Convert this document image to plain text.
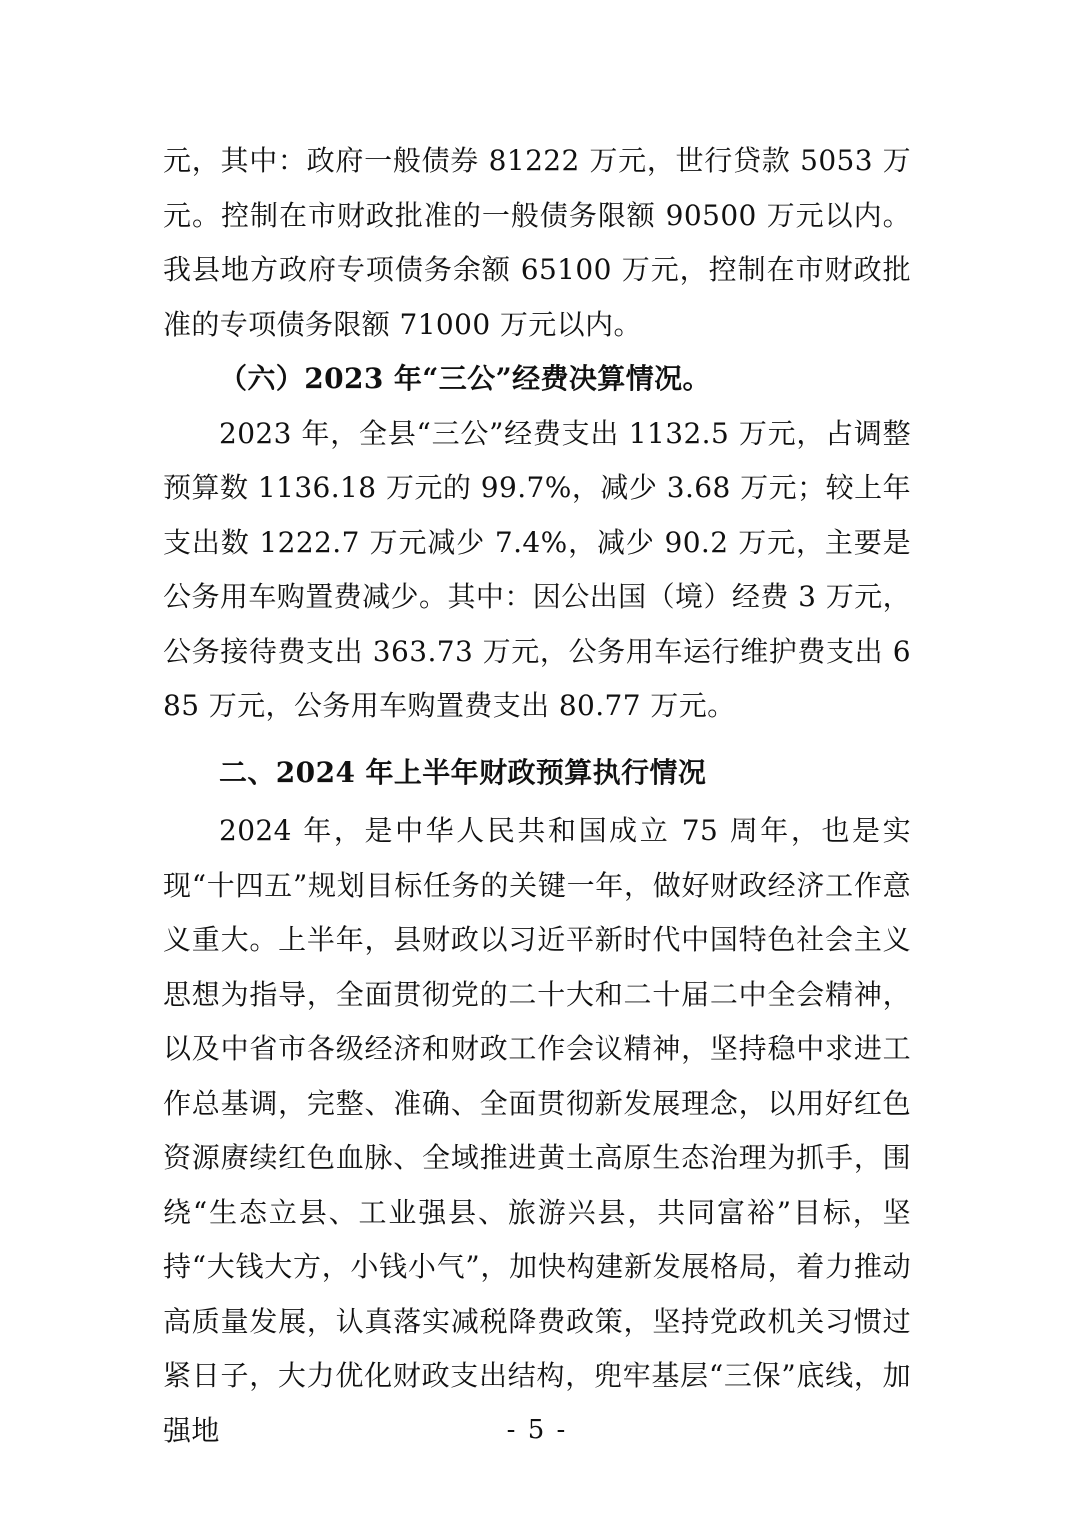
元，其中：政府一般债券 81222 万元，世行贷款 5053 万元。控制在市财政批准的一般债务限额 90500 万元以内。我县地方政府专项债务余额 65100 万元，控制在市财政批准的专项债务限额 71000 万元以内。

（六）2023 年“三公”经费决算情况。

2023 年，全县“三公”经费支出 1132.5 万元，占调整预算数 1136.18 万元的 99.7%，减少 3.68 万元；较上年支出数 1222.7 万元减少 7.4%，减少 90.2 万元，主要是公务用车购置费减少。其中：因公出国（境）经费 3 万元，公务接待费支出 363.73 万元，公务用车运行维护费支出 685 万元，公务用车购置费支出 80.77 万元。

二、2024 年上半年财政预算执行情况

2024 年，是中华人民共和国成立 75 周年，也是实现“十四五”规划目标任务的关键一年，做好财政经济工作意义重大。上半年，县财政以习近平新时代中国特色社会主义思想为指导，全面贯彻党的二十大和二十届二中全会精神，以及中省市各级经济和财政工作会议精神，坚持稳中求进工作总基调，完整、准确、全面贯彻新发展理念，以用好红色资源赓续红色血脉、全域推进黄土高原生态治理为抓手，围绕“生态立县、工业强县、旅游兴县，共同富裕”目标，坚持“大钱大方，小钱小气”，加快构建新发展格局，着力推动高质量发展，认真落实减税降费政策，坚持党政机关习惯过紧日子，大力优化财政支出结构，兜牢基层“三保”底线，加强地	- 5 -
